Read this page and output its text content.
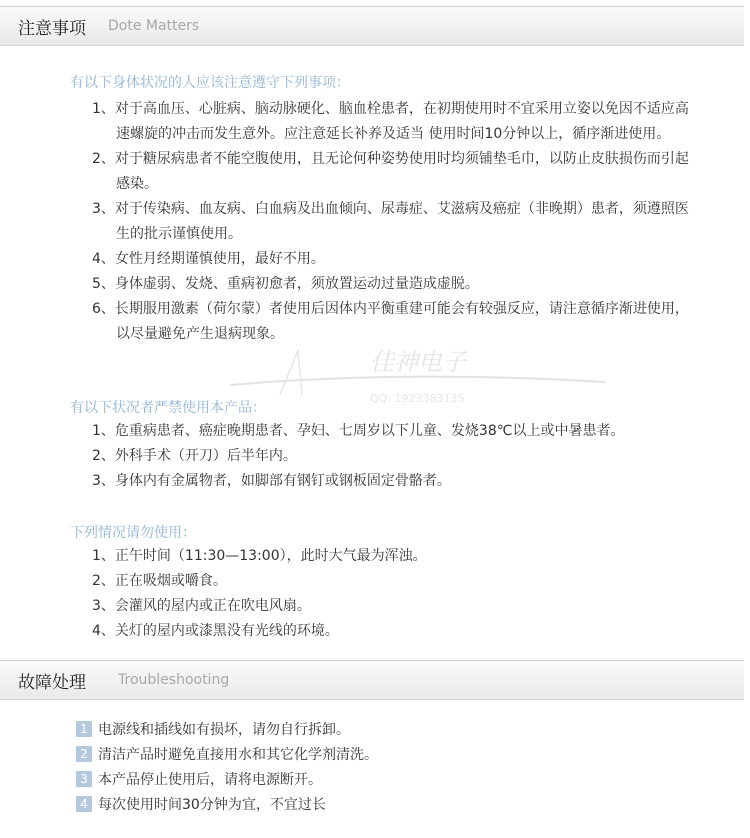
注意事项 Dote Matters
有以下身体状况的人应该注意遵守下列事项：
1、对于高血压、心脏病、脑动脉硬化、脑血栓患者，在初期使用时不宜采用立姿以免因不适应高速螺旋的冲击而发生意外。应注意延长补养及适当 使用时间10分钟以上，循序渐进使用。
2、对于糖尿病患者不能空腹使用，且无论何种姿势使用时均须铺垫毛巾，以防止皮肤损伤而引起感染。
3、对于传染病、血友病、白血病及出血倾向、尿毒症、艾滋病及癌症（非晚期）患者，须遵照医生的批示谨慎使用。
4、女性月经期谨慎使用，最好不用。
5、身体虚弱、发烧、重病初愈者，须放置运动过量造成虚脱。
6、长期服用激素（荷尔蒙）者使用后因体内平衡重建可能会有较强反应，请注意循序渐进使用，以尽量避免产生退病现象。
有以下状况者严禁使用本产品：
1、危重病患者、癌症晚期患者、孕妇、七周岁以下儿童、发烧38℃以上或中暑患者。
2、外科手术（开刀）后半年内。
3、身体内有金属物者，如脚部有钢钉或钢板固定骨骼者。
下列情况请勿使用：
1、正午时间（11:30—13:00），此时大气最为浑浊。
2、正在吸烟或嚼食。
3、会灌风的屋内或正在吹电风扇。
4、关灯的屋内或漆黑没有光线的环境。
佳神电子
QQ: 1923383135
故障处理 Troubleshooting
1 电源线和插线如有损坏，请勿自行拆卸。
2 清洁产品时避免直接用水和其它化学剂清洗。
3 本产品停止使用后，请将电源断开。
4 每次使用时间30分钟为宜，不宜过长
